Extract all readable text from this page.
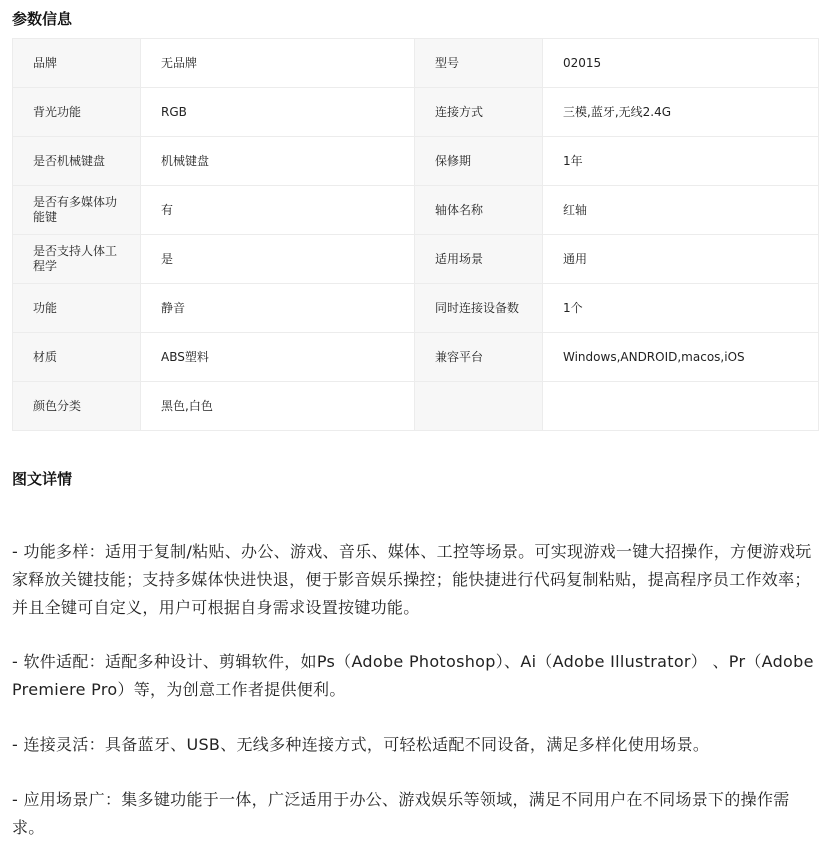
参数信息
品牌	无品牌	型号	02015
背光功能	RGB	连接方式	三模,蓝牙,无线2.4G
是否机械键盘	机械键盘	保修期	1年
是否有多媒体功能键	有	轴体名称	红轴
是否支持人体工程学	是	适用场景	通用
功能	静音	同时连接设备数	1个
材质	ABS塑料	兼容平台	Windows,ANDROID,macos,iOS
颜色分类	黑色,白色		
图文详情

- 功能多样：适用于复制/粘贴、办公、游戏、音乐、媒体、工控等场景。可实现游戏一键大招操作，方便游戏玩家释放关键技能；支持多媒体快进快退，便于影音娱乐操控；能快捷进行代码复制粘贴，提高程序员工作效率；并且全键可自定义，用户可根据自身需求设置按键功能。

- 软件适配：适配多种设计、剪辑软件，如Ps（Adobe Photoshop）、Ai（Adobe Illustrator） 、Pr（Adobe Premiere Pro）等，为创意工作者提供便利。

- 连接灵活：具备蓝牙、USB、无线多种连接方式，可轻松适配不同设备，满足多样化使用场景。

- 应用场景广：集多键功能于一体，广泛适用于办公、游戏娱乐等领域，满足不同用户在不同场景下的操作需求。
